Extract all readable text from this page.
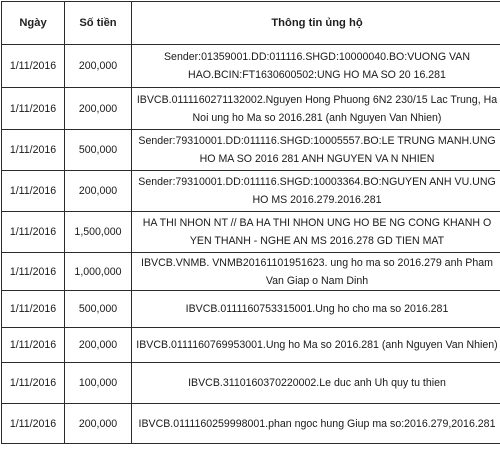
Ngày	Số tiền	Thông tin ủng hộ
1/11/2016	200,000	Sender:01359001.DD:011116.SHGD:10000040.BO:VUONG VAN HAO.BCIN:FT1630600502:UNG HO MA SO 20 16.281
1/11/2016	200,000	IBVCB.0111160271132002.Nguyen Hong Phuong 6N2 230/15 Lac Trung, Ha Noi ung ho Ma so 2016.281 (anh Nguyen Van Nhien)
1/11/2016	500,000	Sender:79310001.DD:011116.SHGD:10005557.BO:LE TRUNG MANH.UNG HO MA SO 2016 281 ANH NGUYEN VA N NHIEN
1/11/2016	200,000	Sender:79310001.DD:011116.SHGD:10003364.BO:NGUYEN ANH VU.UNG HO MS 2016.279.2016.281
1/11/2016	1,500,000	HA THI NHON NT // BA HA THI NHON UNG HO BE NG CONG KHANH O YEN THANH - NGHE AN MS 2016.278 GD TIEN MAT
1/11/2016	1,000,000	IBVCB.VNMB. VNMB20161101951623. ung ho ma so 2016.279 anh Pham Van Giap o Nam Dinh
1/11/2016	500,000	IBVCB.0111160753315001.Ung ho cho ma so 2016.281
1/11/2016	200,000	IBVCB.0111160769953001.Ung ho Ma so 2016.281 (anh Nguyen Van Nhien)
1/11/2016	100,000	IBVCB.3110160370220002.Le duc anh Uh quy tu thien
1/11/2016	200,000	IBVCB.0111160259998001.phan ngoc hung Giup ma so:2016.279,2016.281
